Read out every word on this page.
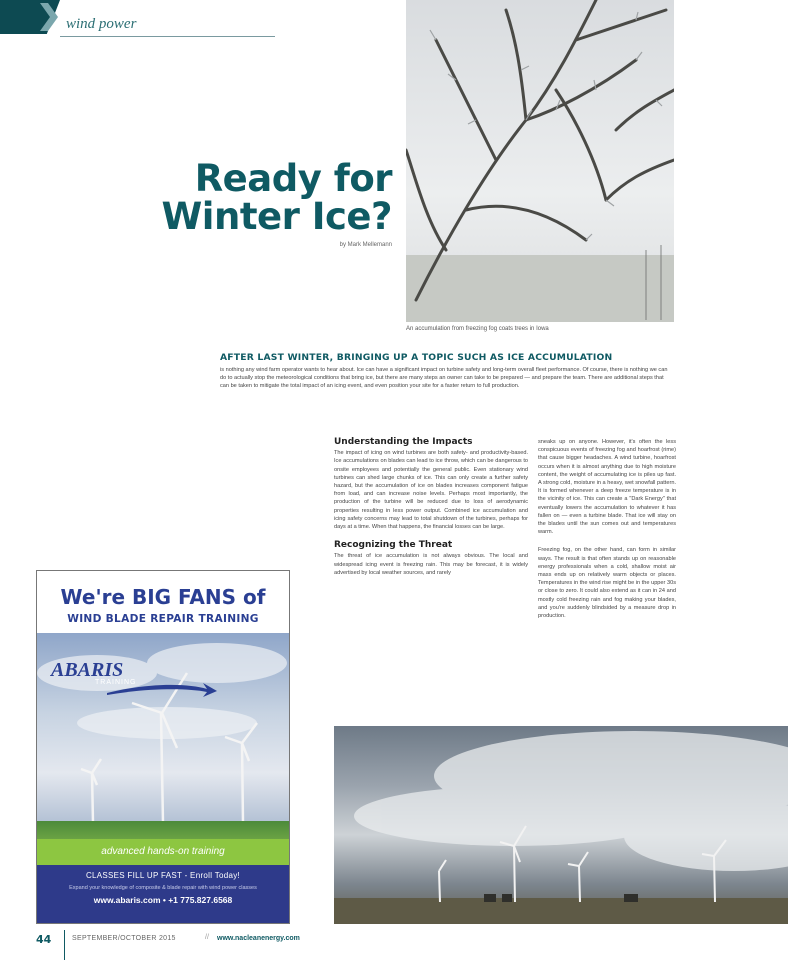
wind power
Ready for
Winter Ice?
by Mark Mellemann
An accumulation from freezing fog coats trees in Iowa
AFTER LAST WINTER, BRINGING UP A TOPIC SUCH AS ICE ACCUMULATION
is nothing any wind farm operator wants to hear about. Ice can have a significant impact on turbine safety and long-term overall fleet performance. Of course, there is nothing we can do to actually stop the meteorological conditions that bring ice, but there are many steps an owner can take to be prepared — and prepare the team. There are additional steps that can be taken to mitigate the total impact of an icing event, and even position your site for a faster return to full production.
Understanding the Impacts

The impact of icing on wind turbines are both safety- and productivity-based. Ice accumulations on blades can lead to ice throw, which can be dangerous to onsite employees and potentially the general public. Even stationary wind turbines can shed large chunks of ice. This can only create a further safety hazard, but the accumulation of ice on blades increases component fatigue from load, and can increase noise levels. Perhaps most importantly, the production of the turbine will be reduced due to loss of aerodynamic properties resulting in less power output. Combined ice accumulation and icing safety concerns may lead to total shutdown of the turbines, perhaps for days at a time. When that happens, the financial losses can be large.

Recognizing the Threat

The threat of ice accumulation is not always obvious. The local and widespread icing event is freezing rain. This may be forecast, it is widely advertised by local weather sources, and rarely

sneaks up on anyone. However, it's often the less conspicuous events of freezing fog and hoarfrost (rime) that cause bigger headaches. A wind turbine, hoarfrost occurs when it is almost anything due to high moisture content, the weight of accumulating ice is piles up fast. A strong cold, moisture in a heavy, wet snowfall pattern. It is formed whenever a deep freeze temperature is in the vicinity of ice. This can create a "Dark Energy" that eventually lowers the accumulation to whatever it has fallen on — even a turbine blade. That ice will stay on the blades until the sun comes out and temperatures warm.

Freezing fog, on the other hand, can form in similar ways. The result is that often stands up on reasonable energy professionals when a cold, shallow moist air mass ends up on relatively warm objects or places. Temperatures in the wind rise might be in the upper 30s or close to zero. It could also extend as it can in 24 and mostly cold freezing rain and fog making your blades, and you're suddenly blindsided by a measure drop in production.

We're BIG FANS of
WIND BLADE REPAIR TRAINING
ABARIS
TRAINING
advanced hands-on training
CLASSES FILL UP FAST - Enroll Today!
Expand your knowledge of composite & blade repair with wind power classes
www.abaris.com • +1 775.827.6568
44	SEPTEMBER/OCTOBER 2015	// www.nacleanenergy.com
